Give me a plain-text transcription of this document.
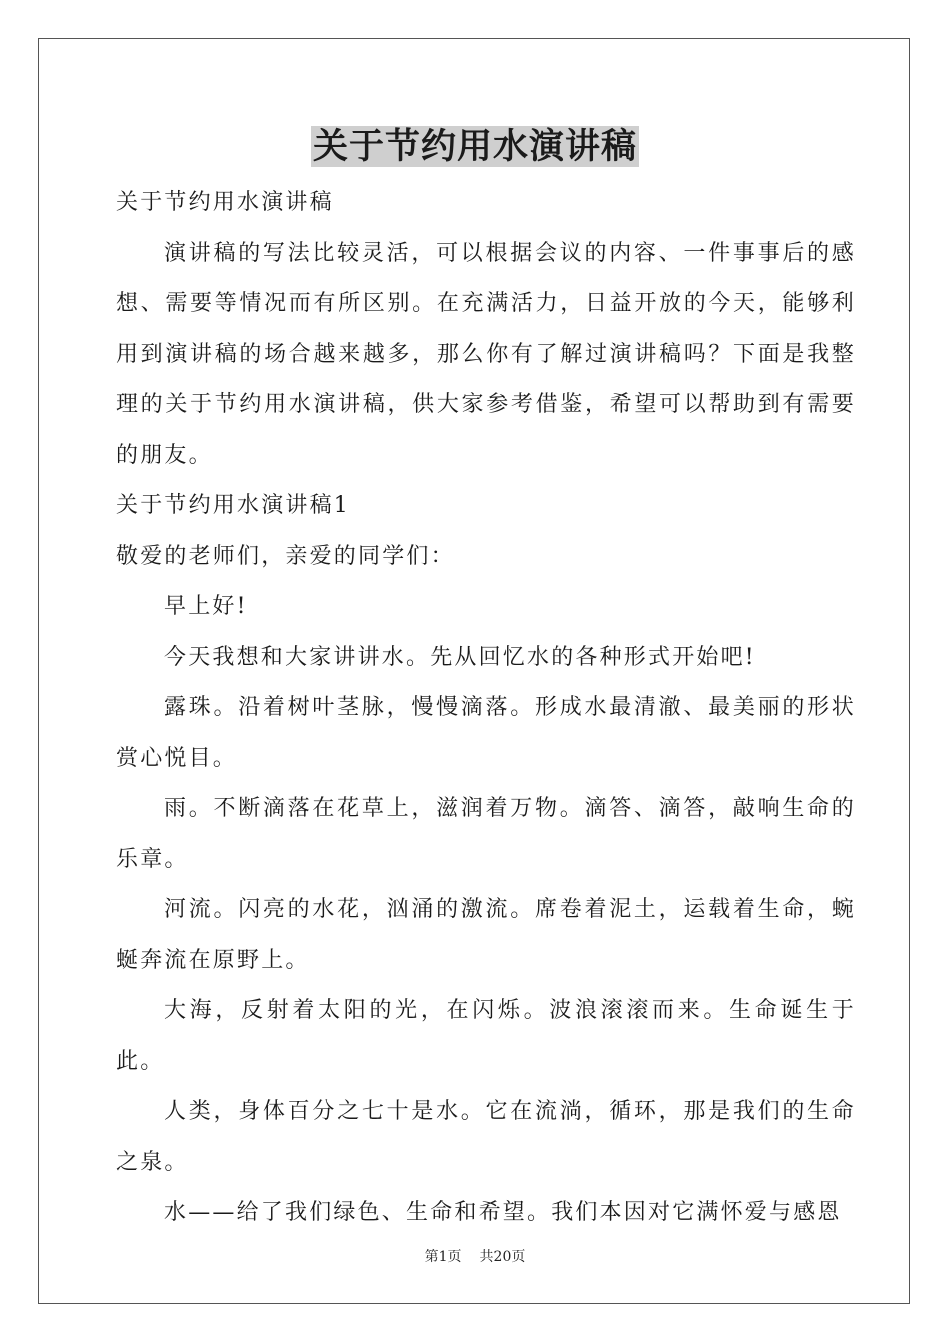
关于节约用水演讲稿

关于节约用水演讲稿

演讲稿的写法比较灵活，可以根据会议的内容、一件事事后的感想、需要等情况而有所区别。在充满活力，日益开放的今天，能够利用到演讲稿的场合越来越多，那么你有了解过演讲稿吗？下面是我整理的关于节约用水演讲稿，供大家参考借鉴，希望可以帮助到有需要的朋友。

关于节约用水演讲稿1

敬爱的老师们，亲爱的同学们：

早上好!

今天我想和大家讲讲水。先从回忆水的各种形式开始吧!

露珠。沿着树叶茎脉，慢慢滴落。形成水最清澈、最美丽的形状赏心悦目。

雨。不断滴落在花草上，滋润着万物。滴答、滴答，敲响生命的乐章。

河流。闪亮的水花，汹涌的激流。席卷着泥土，运载着生命，蜿蜒奔流在原野上。

大海，反射着太阳的光，在闪烁。波浪滚滚而来。生命诞生于此。

人类，身体百分之七十是水。它在流淌，循环，那是我们的生命之泉。

水——给了我们绿色、生命和希望。我们本因对它满怀爱与感恩

第1页 共20页
